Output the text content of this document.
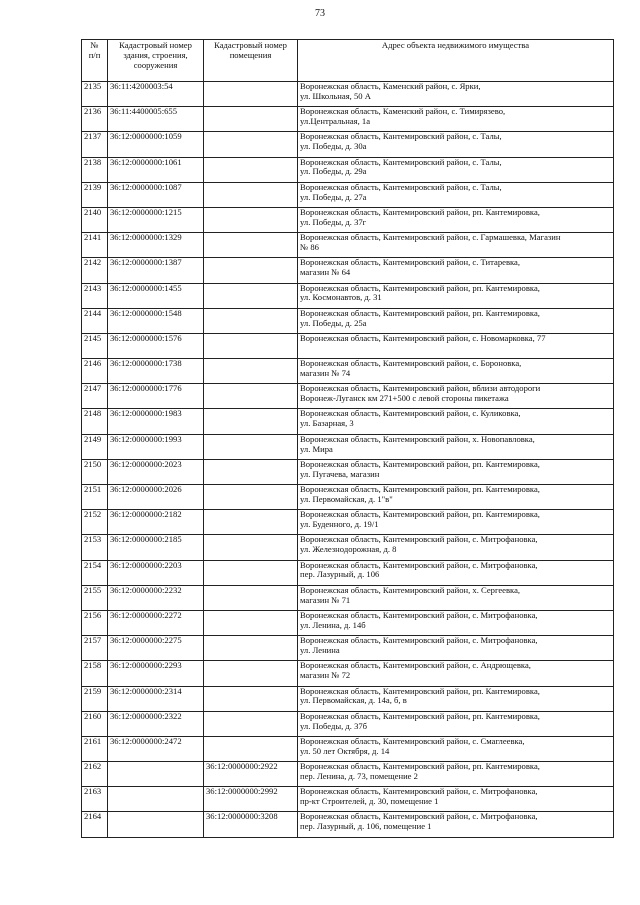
73
№
п/п	Кадастровый номер здания, строения, сооружения	Кадастровый номер помещения	Адрес объекта недвижимого имущества
2135	36:11:4200003:54		Воронежская область, Каменский район, с. Ярки,
ул. Школьная, 50 А
2136	36:11:4400005:655		Воронежская область, Каменский район, с. Тимирязево,
ул.Центральная, 1а
2137	36:12:0000000:1059		Воронежская область, Кантемировский район, с. Талы,
ул. Победы, д. 30а
2138	36:12:0000000:1061		Воронежская область, Кантемировский район, с. Талы,
ул. Победы, д. 29а
2139	36:12:0000000:1087		Воронежская область, Кантемировский район, с. Талы,
ул. Победы, д. 27а
2140	36:12:0000000:1215		Воронежская область, Кантемировский район, рп. Кантемировка,
ул. Победы, д. 37г
2141	36:12:0000000:1329		Воронежская область, Кантемировский район, с. Гармашевка, Магазин
№ 86
2142	36:12:0000000:1387		Воронежская область, Кантемировский район, с. Титаревка,
магазин № 64
2143	36:12:0000000:1455		Воронежская область, Кантемировский район, рп. Кантемировка,
ул. Космонавтов, д. 31
2144	36:12:0000000:1548		Воронежская область, Кантемировский район, рп. Кантемировка,
ул. Победы, д. 25а
2145	36:12:0000000:1576		Воронежская область, Кантемировский район, с. Новомарковка, 77
2146	36:12:0000000:1738		Воронежская область, Кантемировский район, с. Бороновка,
магазин № 74
2147	36:12:0000000:1776		Воронежская область, Кантемировский район, вблизи автодороги
Воронеж-Луганск км 271+500 с левой стороны пикетажа
2148	36:12:0000000:1983		Воронежская область, Кантемировский район, с. Куликовка,
ул. Базарная, 3
2149	36:12:0000000:1993		Воронежская область, Кантемировский район, х. Новопавловка,
ул. Мира
2150	36:12:0000000:2023		Воронежская область, Кантемировский район, рп. Кантемировка,
ул. Пугачева, магазин
2151	36:12:0000000:2026		Воронежская область, Кантемировский район, рп. Кантемировка,
ул. Первомайская, д. 1"в"
2152	36:12:0000000:2182		Воронежская область, Кантемировский район, рп. Кантемировка,
ул. Буденного, д. 19/1
2153	36:12:0000000:2185		Воронежская область, Кантемировский район, с. Митрофановка,
ул. Железнодорожная, д. 8
2154	36:12:0000000:2203		Воронежская область, Кантемировский район, с. Митрофановка,
пер. Лазурный, д. 106
2155	36:12:0000000:2232		Воронежская область, Кантемировский район, х. Сергеевка,
магазин № 71
2156	36:12:0000000:2272		Воронежская область, Кантемировский район, с. Митрофановка,
ул. Ленина, д. 14б
2157	36:12:0000000:2275		Воронежская область, Кантемировский район, с. Митрофановка,
ул. Ленина
2158	36:12:0000000:2293		Воронежская область, Кантемировский район, с. Андрющевка,
магазин № 72
2159	36:12:0000000:2314		Воронежская область, Кантемировский район, рп. Кантемировка,
ул. Первомайская, д. 14а, б, в
2160	36:12:0000000:2322		Воронежская область, Кантемировский район, рп. Кантемировка,
ул. Победы, д. 37б
2161	36:12:0000000:2472		Воронежская область, Кантемировский район, с. Смаглеевка,
ул. 50 лет Октября, д. 14
2162		36:12:0000000:2922	Воронежская область, Кантемировский район, рп. Кантемировка,
пер. Ленина, д. 73, помещение 2
2163		36:12:0000000:2992	Воронежская область, Кантемировский район, с. Митрофановка,
пр-кт Строителей, д. 30, помещение 1
2164		36:12:0000000:3208	Воронежская область, Кантемировский район, с. Митрофановка,
пер. Лазурный, д. 106, помещение 1
